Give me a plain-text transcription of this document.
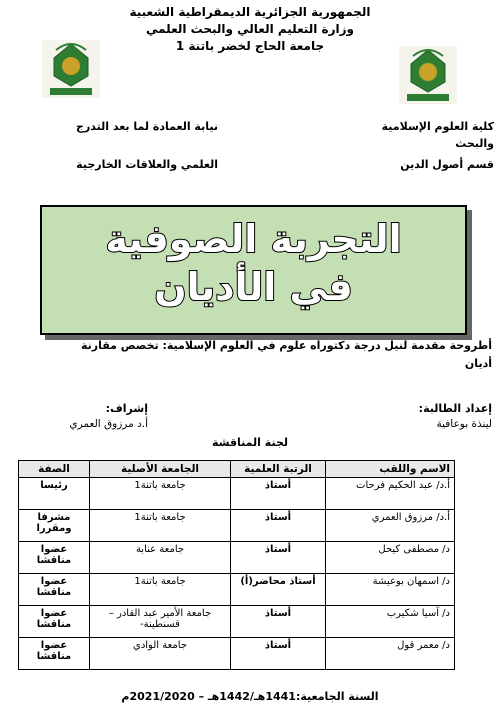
الجمهورية الجزائرية الديمقراطية الشعبية
وزارة التعليم العالي والبحث العلمي
جامعة الحاج لخضر باتنة 1
كلية العلوم الإسلامية
والبحث
قسم أصول الدين
نيابة العمادة لما بعد التدرج
العلمي والعلاقات الخارجية
التجربة الصوفية
في الأديان
أطروحة مقدمة لنيل درجة دكتوراه علوم في العلوم الإسلامية: تخصص مقارنة
أديان
إعداد الطالبة:
لينذة بوعافية
إشراف:
أ.د مرزوق العمري
لجنة المناقشة
الاسم واللقب	الرتبة العلمية	الجامعة الأصلية	الصفة
أ.د/ عبد الحكيم فرحات	أستاذ	جامعة باتنة1	رئيسا
أ.د/ مرزوق العمري	أستاذ	جامعة باتنة1	مشرفا ومقررا
د/ مصطفى كيحل	أستاذ	جامعة عنابة	عضوا مناقشا
د/ اسمهان بوعيشة	أستاذ محاضر(أ)	جامعة باتنة1	عضوا مناقشا
د/ آسيا شكيرب	أستاذ	جامعة الأمير عبد القادر – قسنطينة-	عضوا مناقشا
د/ معمر قول	أستاذ	جامعة الوادي	عضوا مناقشا
السنة الجامعية:1441هـ/1442هـ – 2021/2020م
